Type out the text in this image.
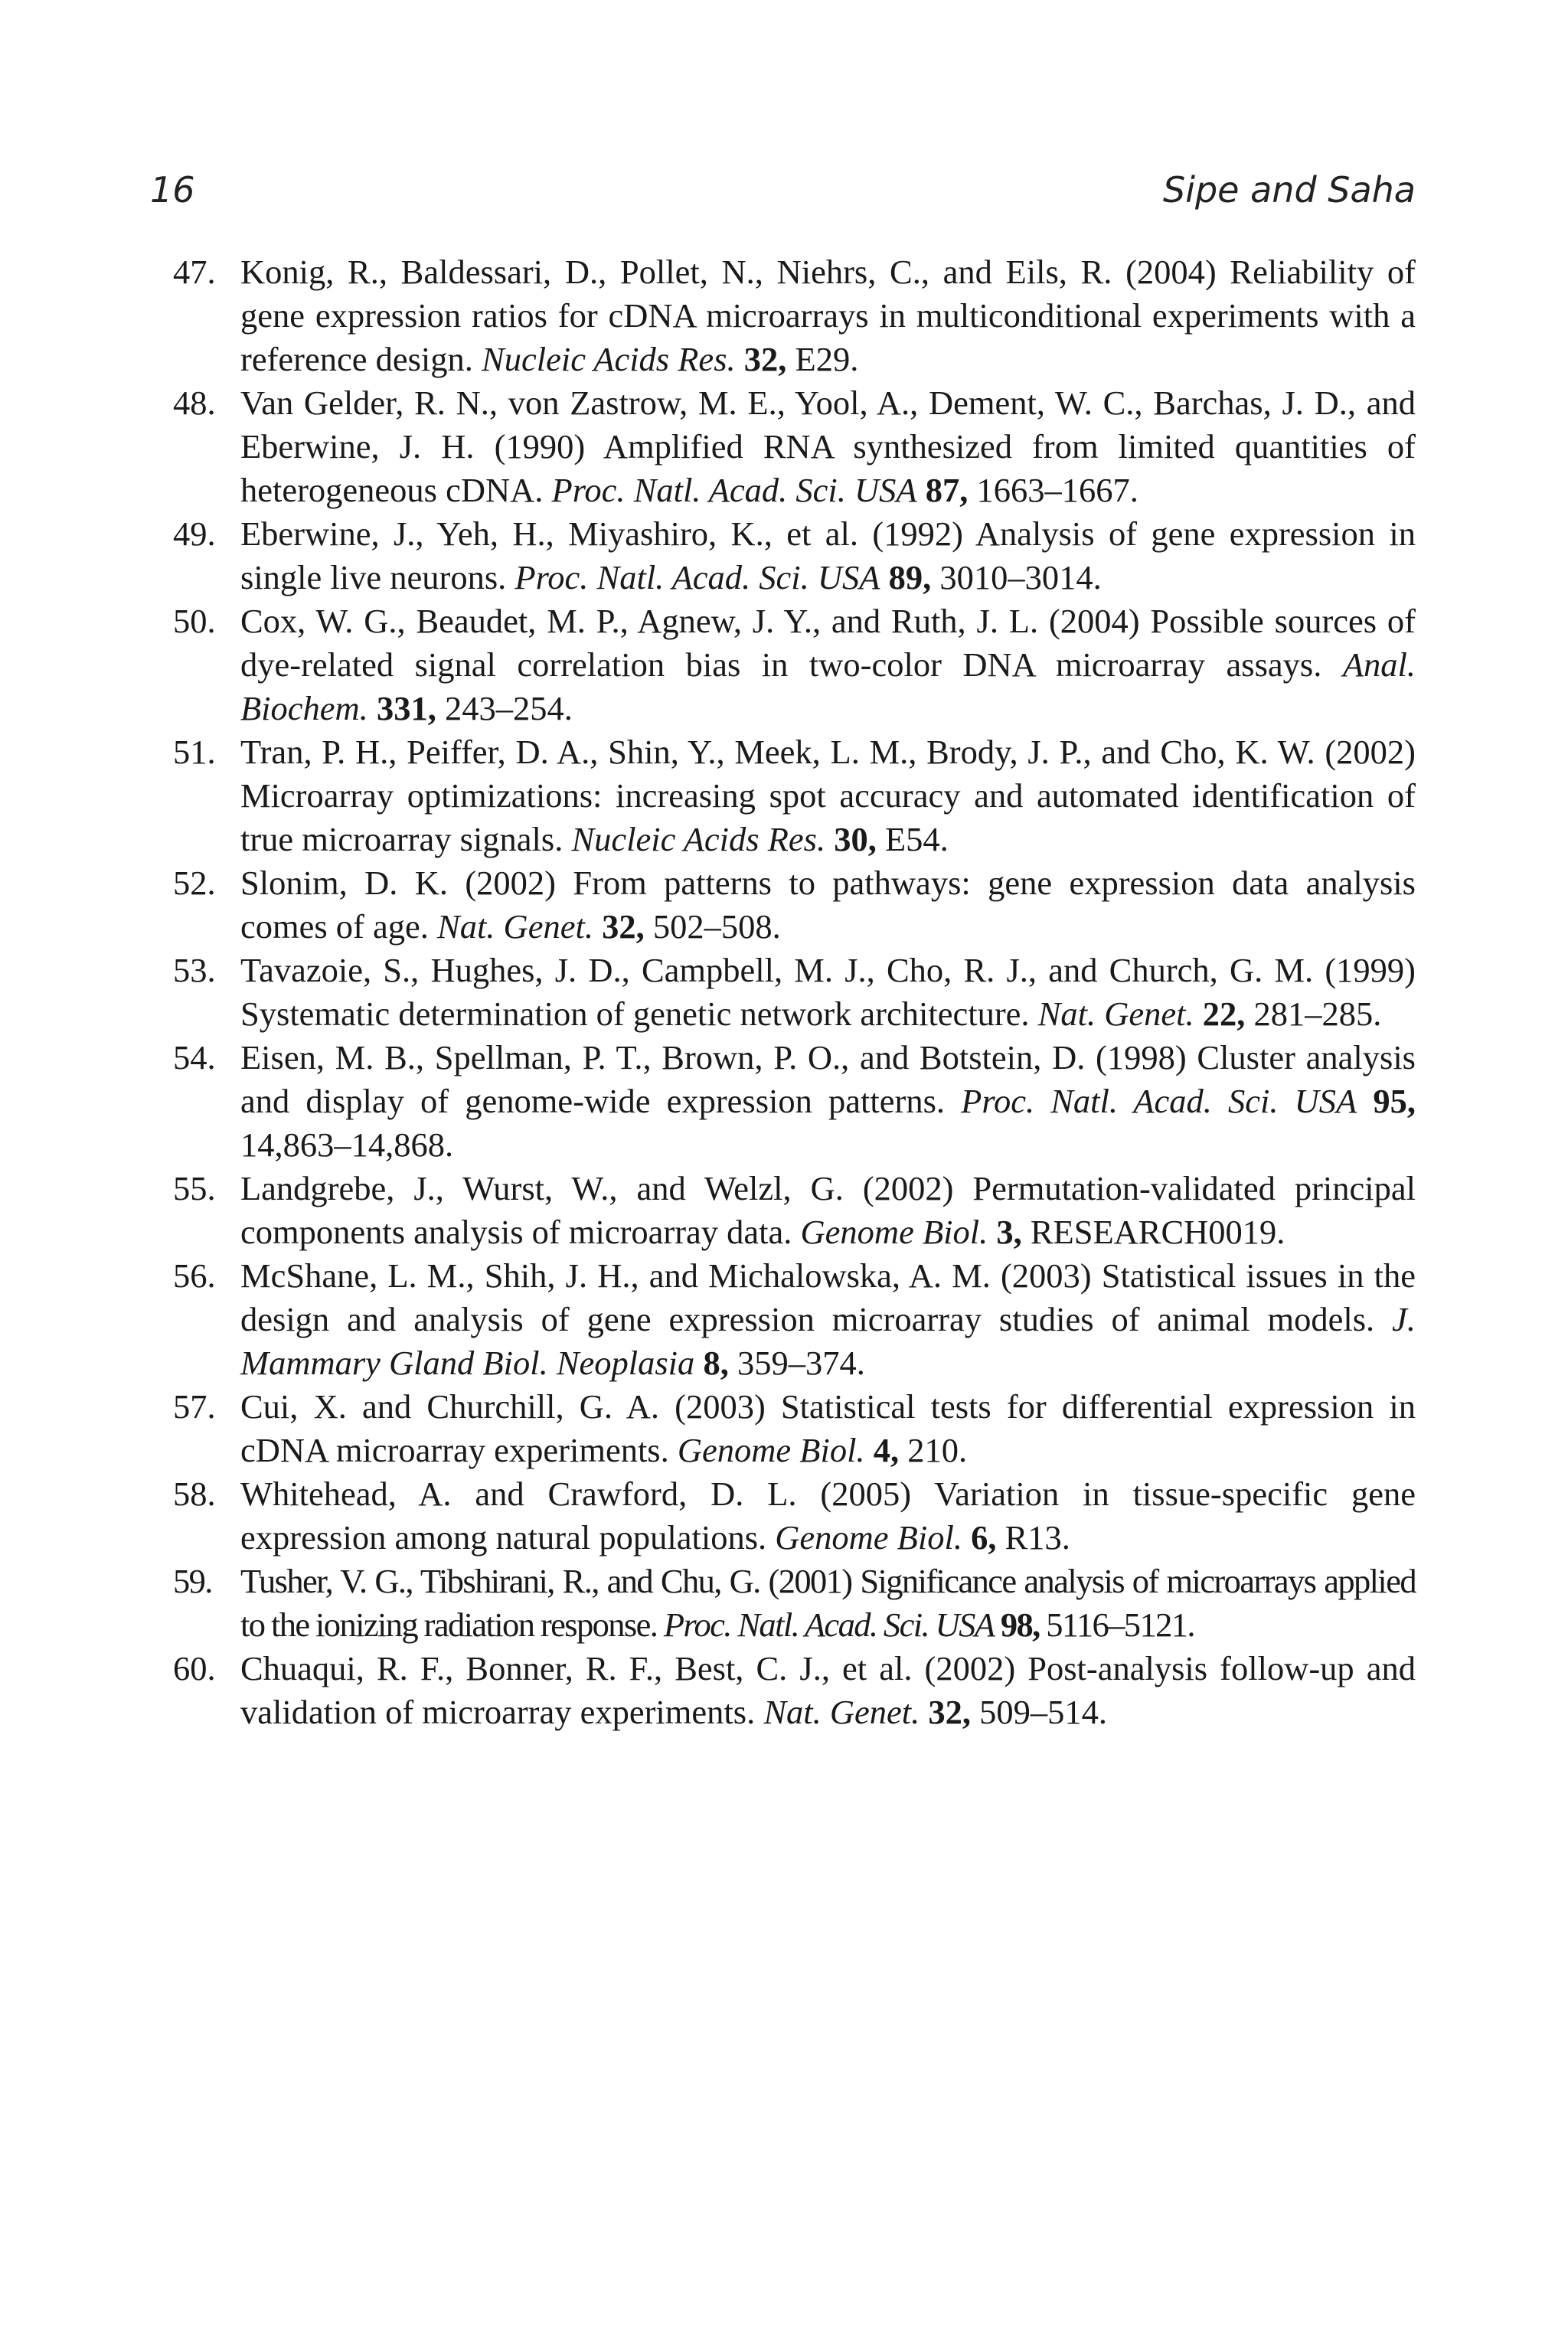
16	Sipe and Saha
47. Konig, R., Baldessari, D., Pollet, N., Niehrs, C., and Eils, R. (2004) Reliability of gene expression ratios for cDNA microarrays in multiconditional experiments with a reference design. Nucleic Acids Res. 32, E29.
48. Van Gelder, R. N., von Zastrow, M. E., Yool, A., Dement, W. C., Barchas, J. D., and Eberwine, J. H. (1990) Amplified RNA synthesized from limited quantities of heterogeneous cDNA. Proc. Natl. Acad. Sci. USA 87, 1663–1667.
49. Eberwine, J., Yeh, H., Miyashiro, K., et al. (1992) Analysis of gene expression in single live neurons. Proc. Natl. Acad. Sci. USA 89, 3010–3014.
50. Cox, W. G., Beaudet, M. P., Agnew, J. Y., and Ruth, J. L. (2004) Possible sources of dye-related signal correlation bias in two-color DNA microarray assays. Anal. Biochem. 331, 243–254.
51. Tran, P. H., Peiffer, D. A., Shin, Y., Meek, L. M., Brody, J. P., and Cho, K. W. (2002) Microarray optimizations: increasing spot accuracy and automated identification of true microarray signals. Nucleic Acids Res. 30, E54.
52. Slonim, D. K. (2002) From patterns to pathways: gene expression data analysis comes of age. Nat. Genet. 32, 502–508.
53. Tavazoie, S., Hughes, J. D., Campbell, M. J., Cho, R. J., and Church, G. M. (1999) Systematic determination of genetic network architecture. Nat. Genet. 22, 281–285.
54. Eisen, M. B., Spellman, P. T., Brown, P. O., and Botstein, D. (1998) Cluster analysis and display of genome-wide expression patterns. Proc. Natl. Acad. Sci. USA 95, 14,863–14,868.
55. Landgrebe, J., Wurst, W., and Welzl, G. (2002) Permutation-validated principal components analysis of microarray data. Genome Biol. 3, RESEARCH0019.
56. McShane, L. M., Shih, J. H., and Michalowska, A. M. (2003) Statistical issues in the design and analysis of gene expression microarray studies of animal models. J. Mammary Gland Biol. Neoplasia 8, 359–374.
57. Cui, X. and Churchill, G. A. (2003) Statistical tests for differential expression in cDNA microarray experiments. Genome Biol. 4, 210.
58. Whitehead, A. and Crawford, D. L. (2005) Variation in tissue-specific gene expression among natural populations. Genome Biol. 6, R13.
59. Tusher, V. G., Tibshirani, R., and Chu, G. (2001) Significance analysis of microarrays applied to the ionizing radiation response. Proc. Natl. Acad. Sci. USA 98, 5116–5121.
60. Chuaqui, R. F., Bonner, R. F., Best, C. J., et al. (2002) Post-analysis follow-up and validation of microarray experiments. Nat. Genet. 32, 509–514.
